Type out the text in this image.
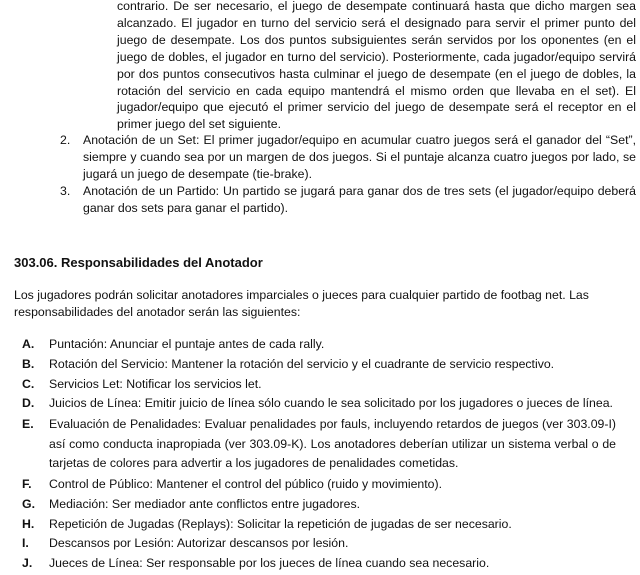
contrario. De ser necesario, el juego de desempate continuará hasta que dicho margen sea alcanzado. El jugador en turno del servicio será el designado para servir el primer punto del juego de desempate. Los dos puntos subsiguientes serán servidos por los oponentes (en el juego de dobles, el jugador en turno del servicio). Posteriormente, cada jugador/equipo servirá por dos puntos consecutivos hasta culminar el juego de desempate (en el juego de dobles, la rotación del servicio en cada equipo mantendrá el mismo orden que llevaba en el set). El jugador/equipo que ejecutó el primer servicio del juego de desempate será el receptor en el primer juego del set siguiente.

2. Anotación de un Set: El primer jugador/equipo en acumular cuatro juegos será el ganador del “Set”, siempre y cuando sea por un margen de dos juegos. Si el puntaje alcanza cuatro juegos por lado, se jugará un juego de desempate (tie-brake).
3. Anotación de un Partido: Un partido se jugará para ganar dos de tres sets (el jugador/equipo deberá ganar dos sets para ganar el partido).
303.06. Responsabilidades del Anotador

Los jugadores podrán solicitar anotadores imparciales o jueces para cualquier partido de footbag net. Las responsabilidades del anotador serán las siguientes:

A. Puntación: Anunciar el puntaje antes de cada rally.
B. Rotación del Servicio: Mantener la rotación del servicio y el cuadrante de servicio respectivo.
C. Servicios Let: Notificar los servicios let.
D. Juicios de Línea: Emitir juicio de línea sólo cuando le sea solicitado por los jugadores o jueces de línea.
E. Evaluación de Penalidades: Evaluar penalidades por fauls, incluyendo retardos de juegos (ver 303.09-I) así como conducta inapropiada (ver 303.09-K). Los anotadores deberían utilizar un sistema verbal o de tarjetas de colores para advertir a los jugadores de penalidades cometidas.
F. Control de Público: Mantener el control del público (ruido y movimiento).
G. Mediación: Ser mediador ante conflictos entre jugadores.
H. Repetición de Jugadas (Replays): Solicitar la repetición de jugadas de ser necesario.
I. Descansos por Lesión: Autorizar descansos por lesión.
J. Jueces de Línea: Ser responsable por los jueces de línea cuando sea necesario.
